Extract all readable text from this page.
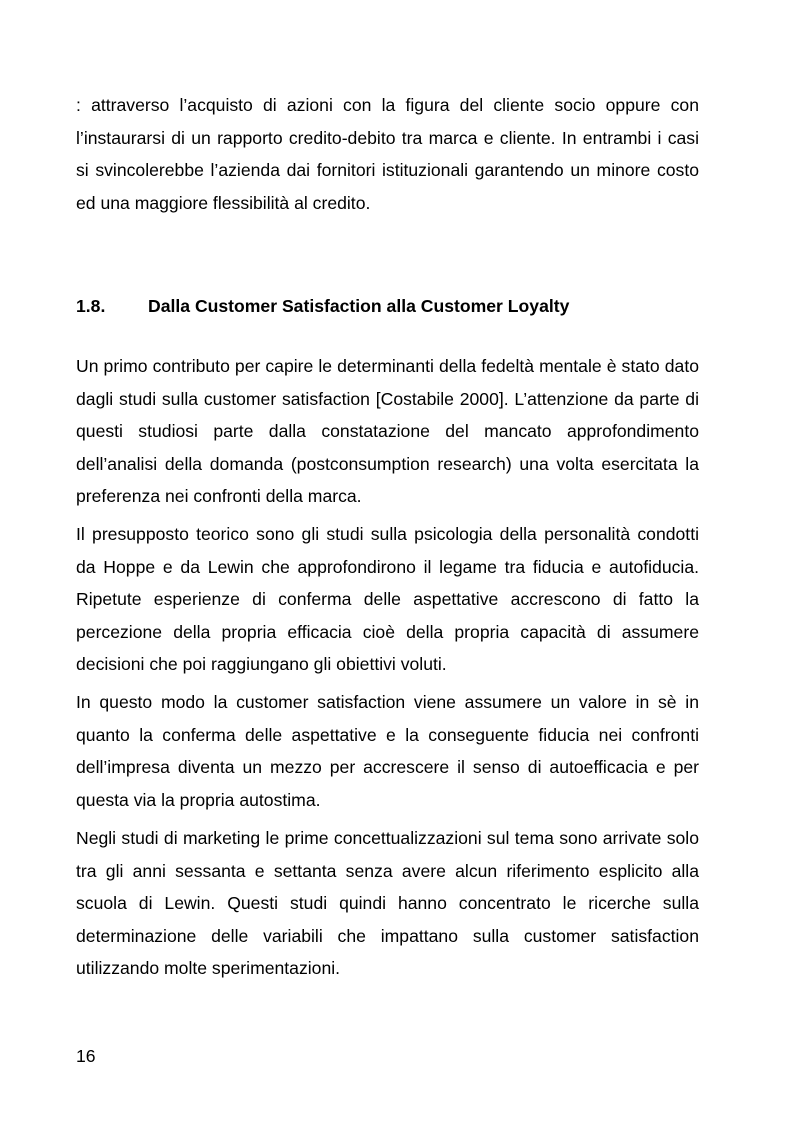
: attraverso l’acquisto di azioni con la figura del cliente socio oppure con l’instaurarsi di un rapporto credito-debito tra marca e cliente. In entrambi i casi si svincolerebbe l’azienda dai fornitori istituzionali garantendo un minore costo ed una maggiore flessibilità al credito.

1.8. Dalla Customer Satisfaction alla Customer Loyalty

Un primo contributo per capire le determinanti della fedeltà mentale è stato dato dagli studi sulla customer satisfaction [Costabile 2000]. L’attenzione da parte di questi studiosi parte dalla constatazione del mancato approfondimento dell’analisi della domanda (postconsumption research) una volta esercitata la preferenza nei confronti della marca.

Il presupposto teorico sono gli studi sulla psicologia della personalità condotti da Hoppe e da Lewin che approfondirono il legame tra fiducia e autofiducia. Ripetute esperienze di conferma delle aspettative accrescono di fatto la percezione della propria efficacia cioè della propria capacità di assumere decisioni che poi raggiungano gli obiettivi voluti.

In questo modo la customer satisfaction viene assumere un valore in sè in quanto la conferma delle aspettative e la conseguente fiducia nei confronti dell’impresa diventa un mezzo per accrescere il senso di autoefficacia e per questa via la propria autostima.

Negli studi di marketing le prime concettualizzazioni sul tema sono arrivate solo tra gli anni sessanta e settanta senza avere alcun riferimento esplicito alla scuola di Lewin. Questi studi quindi hanno concentrato le ricerche sulla determinazione delle variabili che impattano sulla customer satisfaction utilizzando molte sperimentazioni.

16
